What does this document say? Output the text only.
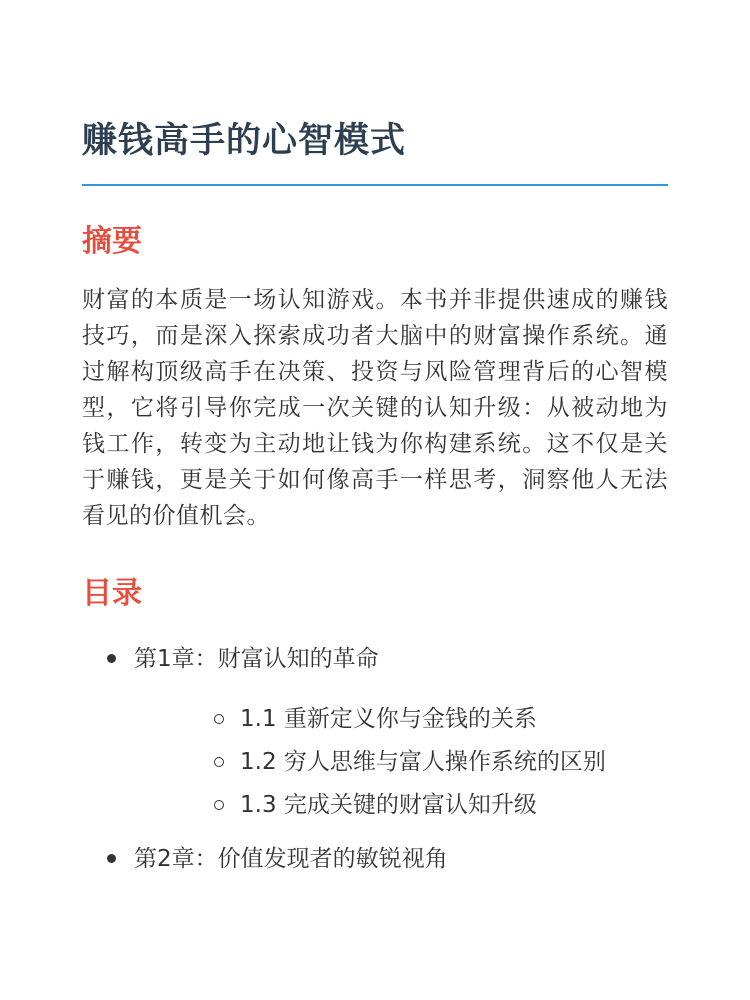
赚钱高手的心智模式
摘要

财富的本质是一场认知游戏。本书并非提供速成的赚钱技巧，而是深入探索成功者大脑中的财富操作系统。通过解构顶级高手在决策、投资与风险管理背后的心智模型，它将引导你完成一次关键的认知升级：从被动地为钱工作，转变为主动地让钱为你构建系统。这不仅是关于赚钱，更是关于如何像高手一样思考，洞察他人无法看见的价值机会。

目录
第1章：财富认知的革命
1.1 重新定义你与金钱的关系
1.2 穷人思维与富人操作系统的区别
1.3 完成关键的财富认知升级
第2章：价值发现者的敏锐视角
